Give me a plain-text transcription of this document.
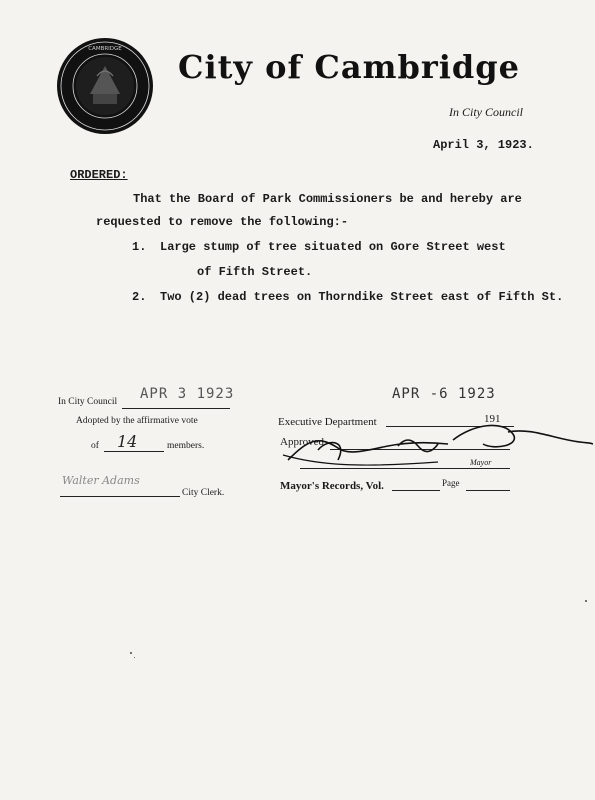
CAMBRIDGE City of Cambridge
In City Council
April 3, 1923.
ORDERED:
That the Board of Park Commissioners be and hereby are
requested to remove the following:-
1. Large stump of tree situated on Gore Street west
of Fifth Street.
2. Two (2) dead trees on Thorndike Street east of Fifth St.
In City Council APR 3 1923
Adopted by the affirmative vote
of 14	members.
Walter Adams
City Clerk.
APR -6 1923
Executive Department	191
Approved
Mayor
Mayor's Records, Vol.	Page
